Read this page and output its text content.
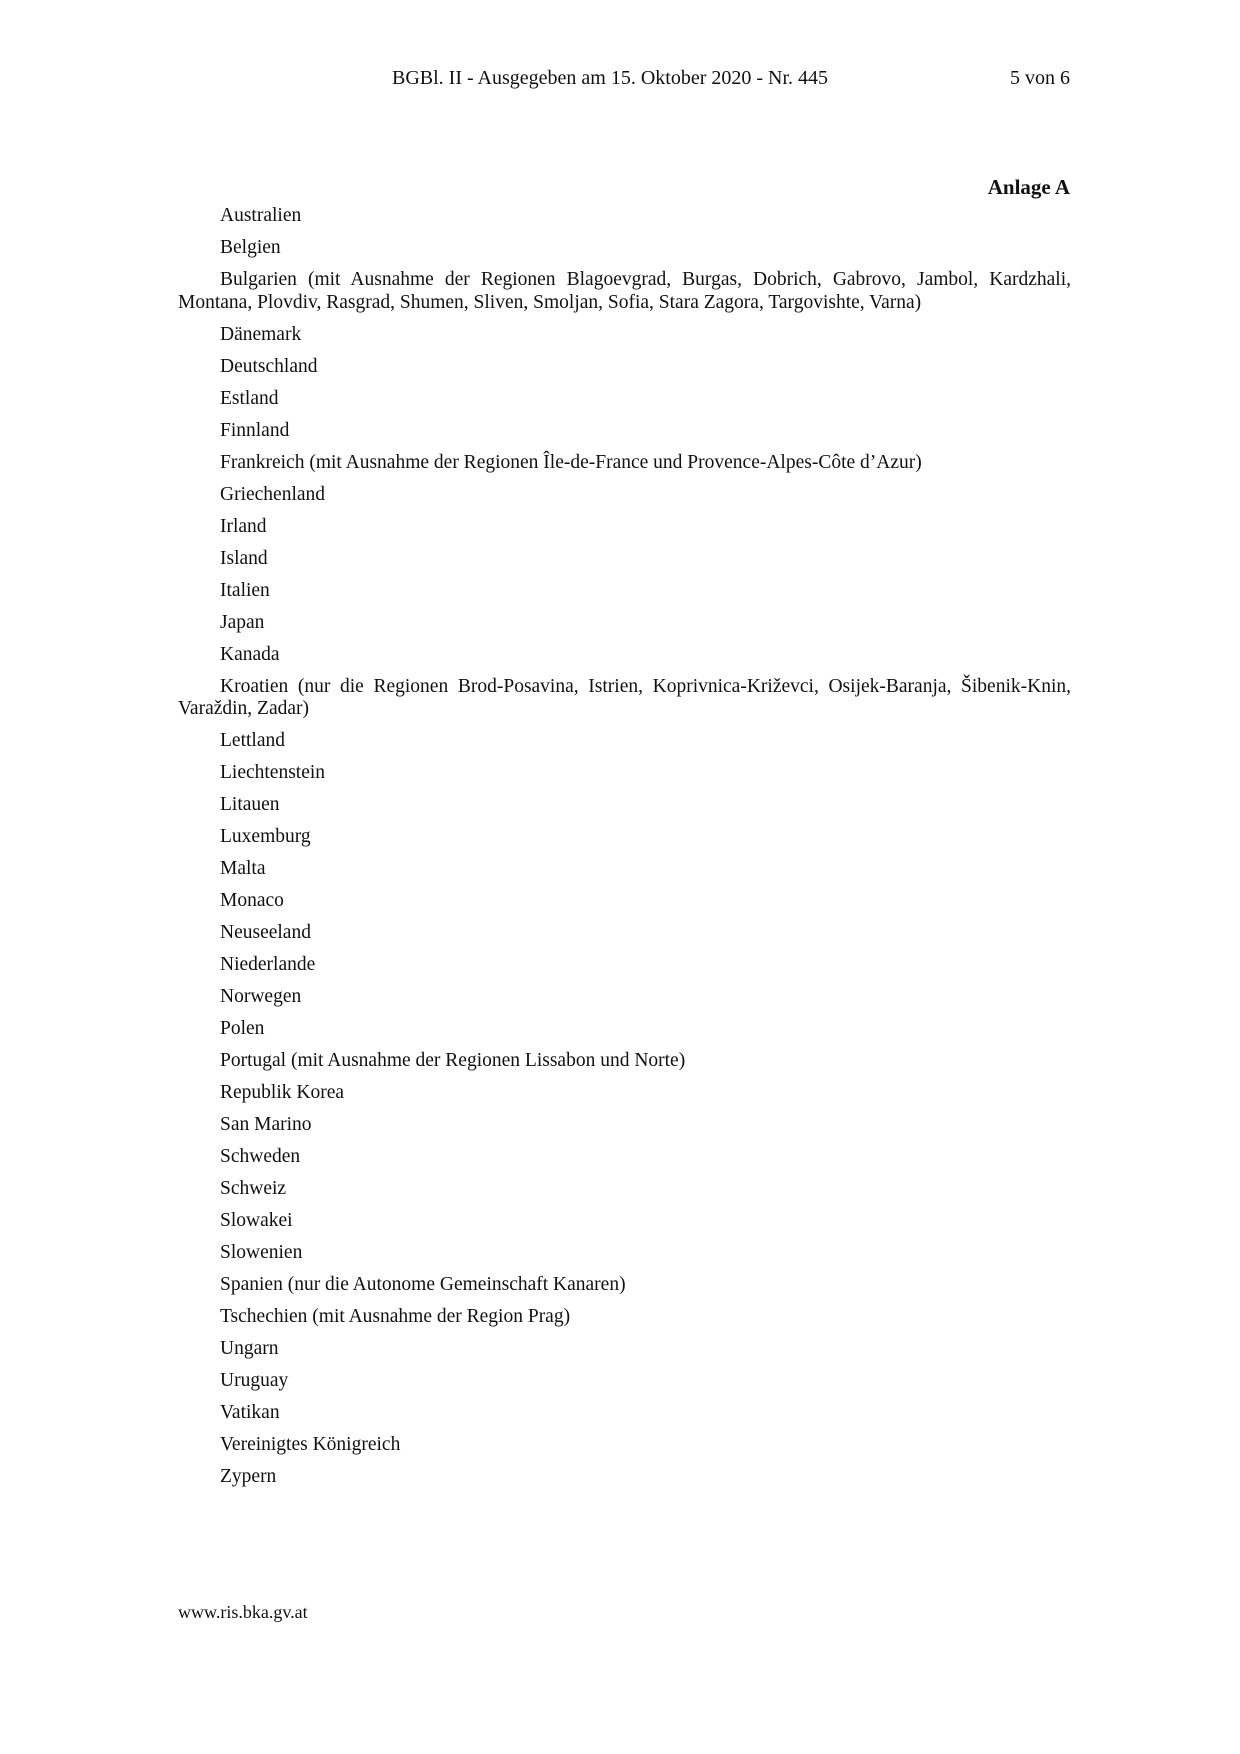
BGBl. II - Ausgegeben am 15. Oktober 2020 - Nr. 445	5 von 6
Anlage A
Australien
Belgien
Bulgarien (mit Ausnahme der Regionen Blagoevgrad, Burgas, Dobrich, Gabrovo, Jambol, Kardzhali, Montana, Plovdiv, Rasgrad, Shumen, Sliven, Smoljan, Sofia, Stara Zagora, Targovishte, Varna)
Dänemark
Deutschland
Estland
Finnland
Frankreich (mit Ausnahme der Regionen Île-de-France und Provence-Alpes-Côte d’Azur)
Griechenland
Irland
Island
Italien
Japan
Kanada
Kroatien (nur die Regionen Brod-Posavina, Istrien, Koprivnica-Križevci, Osijek-Baranja, Šibenik-Knin, Varaždin, Zadar)
Lettland
Liechtenstein
Litauen
Luxemburg
Malta
Monaco
Neuseeland
Niederlande
Norwegen
Polen
Portugal (mit Ausnahme der Regionen Lissabon und Norte)
Republik Korea
San Marino
Schweden
Schweiz
Slowakei
Slowenien
Spanien (nur die Autonome Gemeinschaft Kanaren)
Tschechien (mit Ausnahme der Region Prag)
Ungarn
Uruguay
Vatikan
Vereinigtes Königreich
Zypern
www.ris.bka.gv.at
